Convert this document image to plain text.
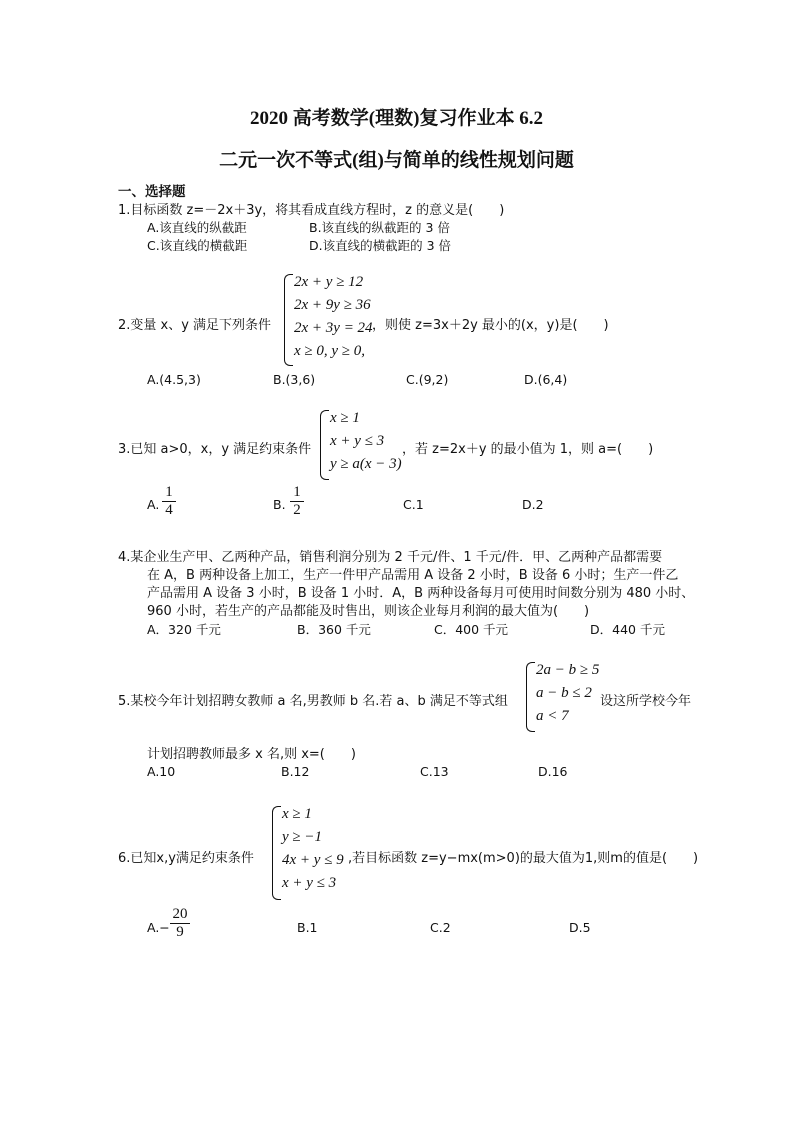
2020 高考数学(理数)复习作业本 6.2
二元一次不等式(组)与简单的线性规划问题
一、选择题
1.目标函数 z=－2x＋3y，将其看成直线方程时，z 的意义是(　　)
A.该直线的纵截距	B.该直线的纵截距的 3 倍
C.该直线的横截距	D.该直线的横截距的 3 倍
2.变量 x、y 满足下列条件
2x + y ≥ 12
2x + 9y ≥ 36
2x + 3y = 24
x ≥ 0, y ≥ 0,
，则使 z=3x＋2y 最小的(x，y)是(　　)
A.(4.5,3)	B.(3,6)	C.(9,2)	D.(6,4)
3.已知 a>0，x，y 满足约束条件
x ≥ 1
x + y ≤ 3
y ≥ a(x − 3)
，若 z=2x＋y 的最小值为 1，则 a=(　　)
A.
1
4	B.
1
2	C.1	D.2
4.某企业生产甲、乙两种产品，销售利润分别为 2 千元/件、1 千元/件．甲、乙两种产品都需要
在 A，B 两种设备上加工，生产一件甲产品需用 A 设备 2 小时，B 设备 6 小时；生产一件乙
产品需用 A 设备 3 小时，B 设备 1 小时．A，B 两种设备每月可使用时间数分别为 480 小时、
960 小时，若生产的产品都能及时售出，则该企业每月利润的最大值为(　　)
A．320 千元	B．360 千元	C．400 千元	D．440 千元
5.某校今年计划招聘女教师 a 名,男教师 b 名.若 a、b 满足不等式组
2a − b ≥ 5
a − b ≤ 2
a < 7
设这所学校今年
计划招聘教师最多 x 名,则 x=(　　)
A.10	B.12	C.13	D.16
6.已知x,y满足约束条件
x ≥ 1
y ≥ −1
4x + y ≤ 9
x + y ≤ 3
,若目标函数 z=y−mx(m>0)的最大值为1,则m的值是(　　)
A.−
20
9	B.1	C.2	D.5
